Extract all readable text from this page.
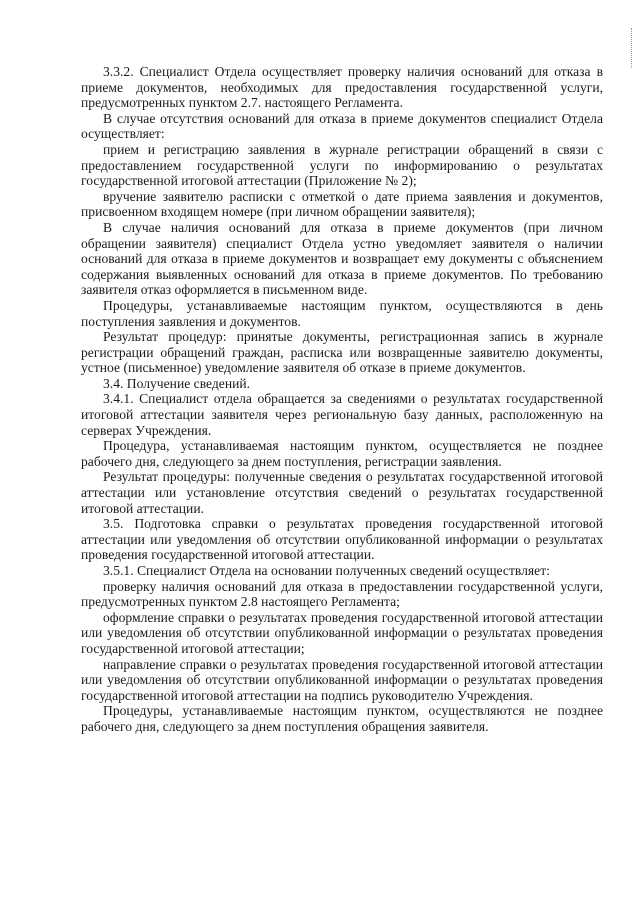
3.3.2. Специалист Отдела осуществляет проверку наличия оснований для отказа в приеме документов, необходимых для предоставления государственной услуги, предусмотренных пунктом 2.7. настоящего Регламента.

В случае отсутствия оснований для отказа в приеме документов специалист Отдела осуществляет:

прием и регистрацию заявления в журнале регистрации обращений в связи с предоставлением государственной услуги по информированию о результатах государственной итоговой аттестации (Приложение № 2);

вручение заявителю расписки с отметкой о дате приема заявления и документов, присвоенном входящем номере (при личном обращении заявителя);

В случае наличия оснований для отказа в приеме документов (при личном обращении заявителя) специалист Отдела устно уведомляет заявителя о наличии оснований для отказа в приеме документов и возвращает ему документы с объяснением содержания выявленных оснований для отказа в приеме документов. По требованию заявителя отказ оформляется в письменном виде.

Процедуры, устанавливаемые настоящим пунктом, осуществляются в день поступления заявления и документов.

Результат процедур: принятые документы, регистрационная запись в журнале регистрации обращений граждан, расписка или возвращенные заявителю документы, устное (письменное) уведомление заявителя об отказе в приеме документов.

3.4. Получение сведений.

3.4.1. Специалист отдела обращается за сведениями о результатах государственной итоговой аттестации заявителя через региональную базу данных, расположенную на серверах Учреждения.

Процедура, устанавливаемая настоящим пунктом, осуществляется не позднее рабочего дня, следующего за днем поступления, регистрации заявления.

Результат процедуры: полученные сведения о результатах государственной итоговой аттестации или установление отсутствия сведений о результатах государственной итоговой аттестации.

3.5. Подготовка справки о результатах проведения государственной итоговой аттестации или уведомления об отсутствии опубликованной информации о результатах проведения государственной итоговой аттестации.

3.5.1. Специалист Отдела на основании полученных сведений осуществляет:

проверку наличия оснований для отказа в предоставлении государственной услуги, предусмотренных пунктом 2.8 настоящего Регламента;

оформление справки о результатах проведения государственной итоговой аттестации или уведомления об отсутствии опубликованной информации о результатах проведения государственной итоговой аттестации;

направление справки о результатах проведения государственной итоговой аттестации или уведомления об отсутствии опубликованной информации о результатах проведения государственной итоговой аттестации на подпись руководителю Учреждения.

Процедуры, устанавливаемые настоящим пунктом, осуществляются не позднее рабочего дня, следующего за днем поступления обращения заявителя.
